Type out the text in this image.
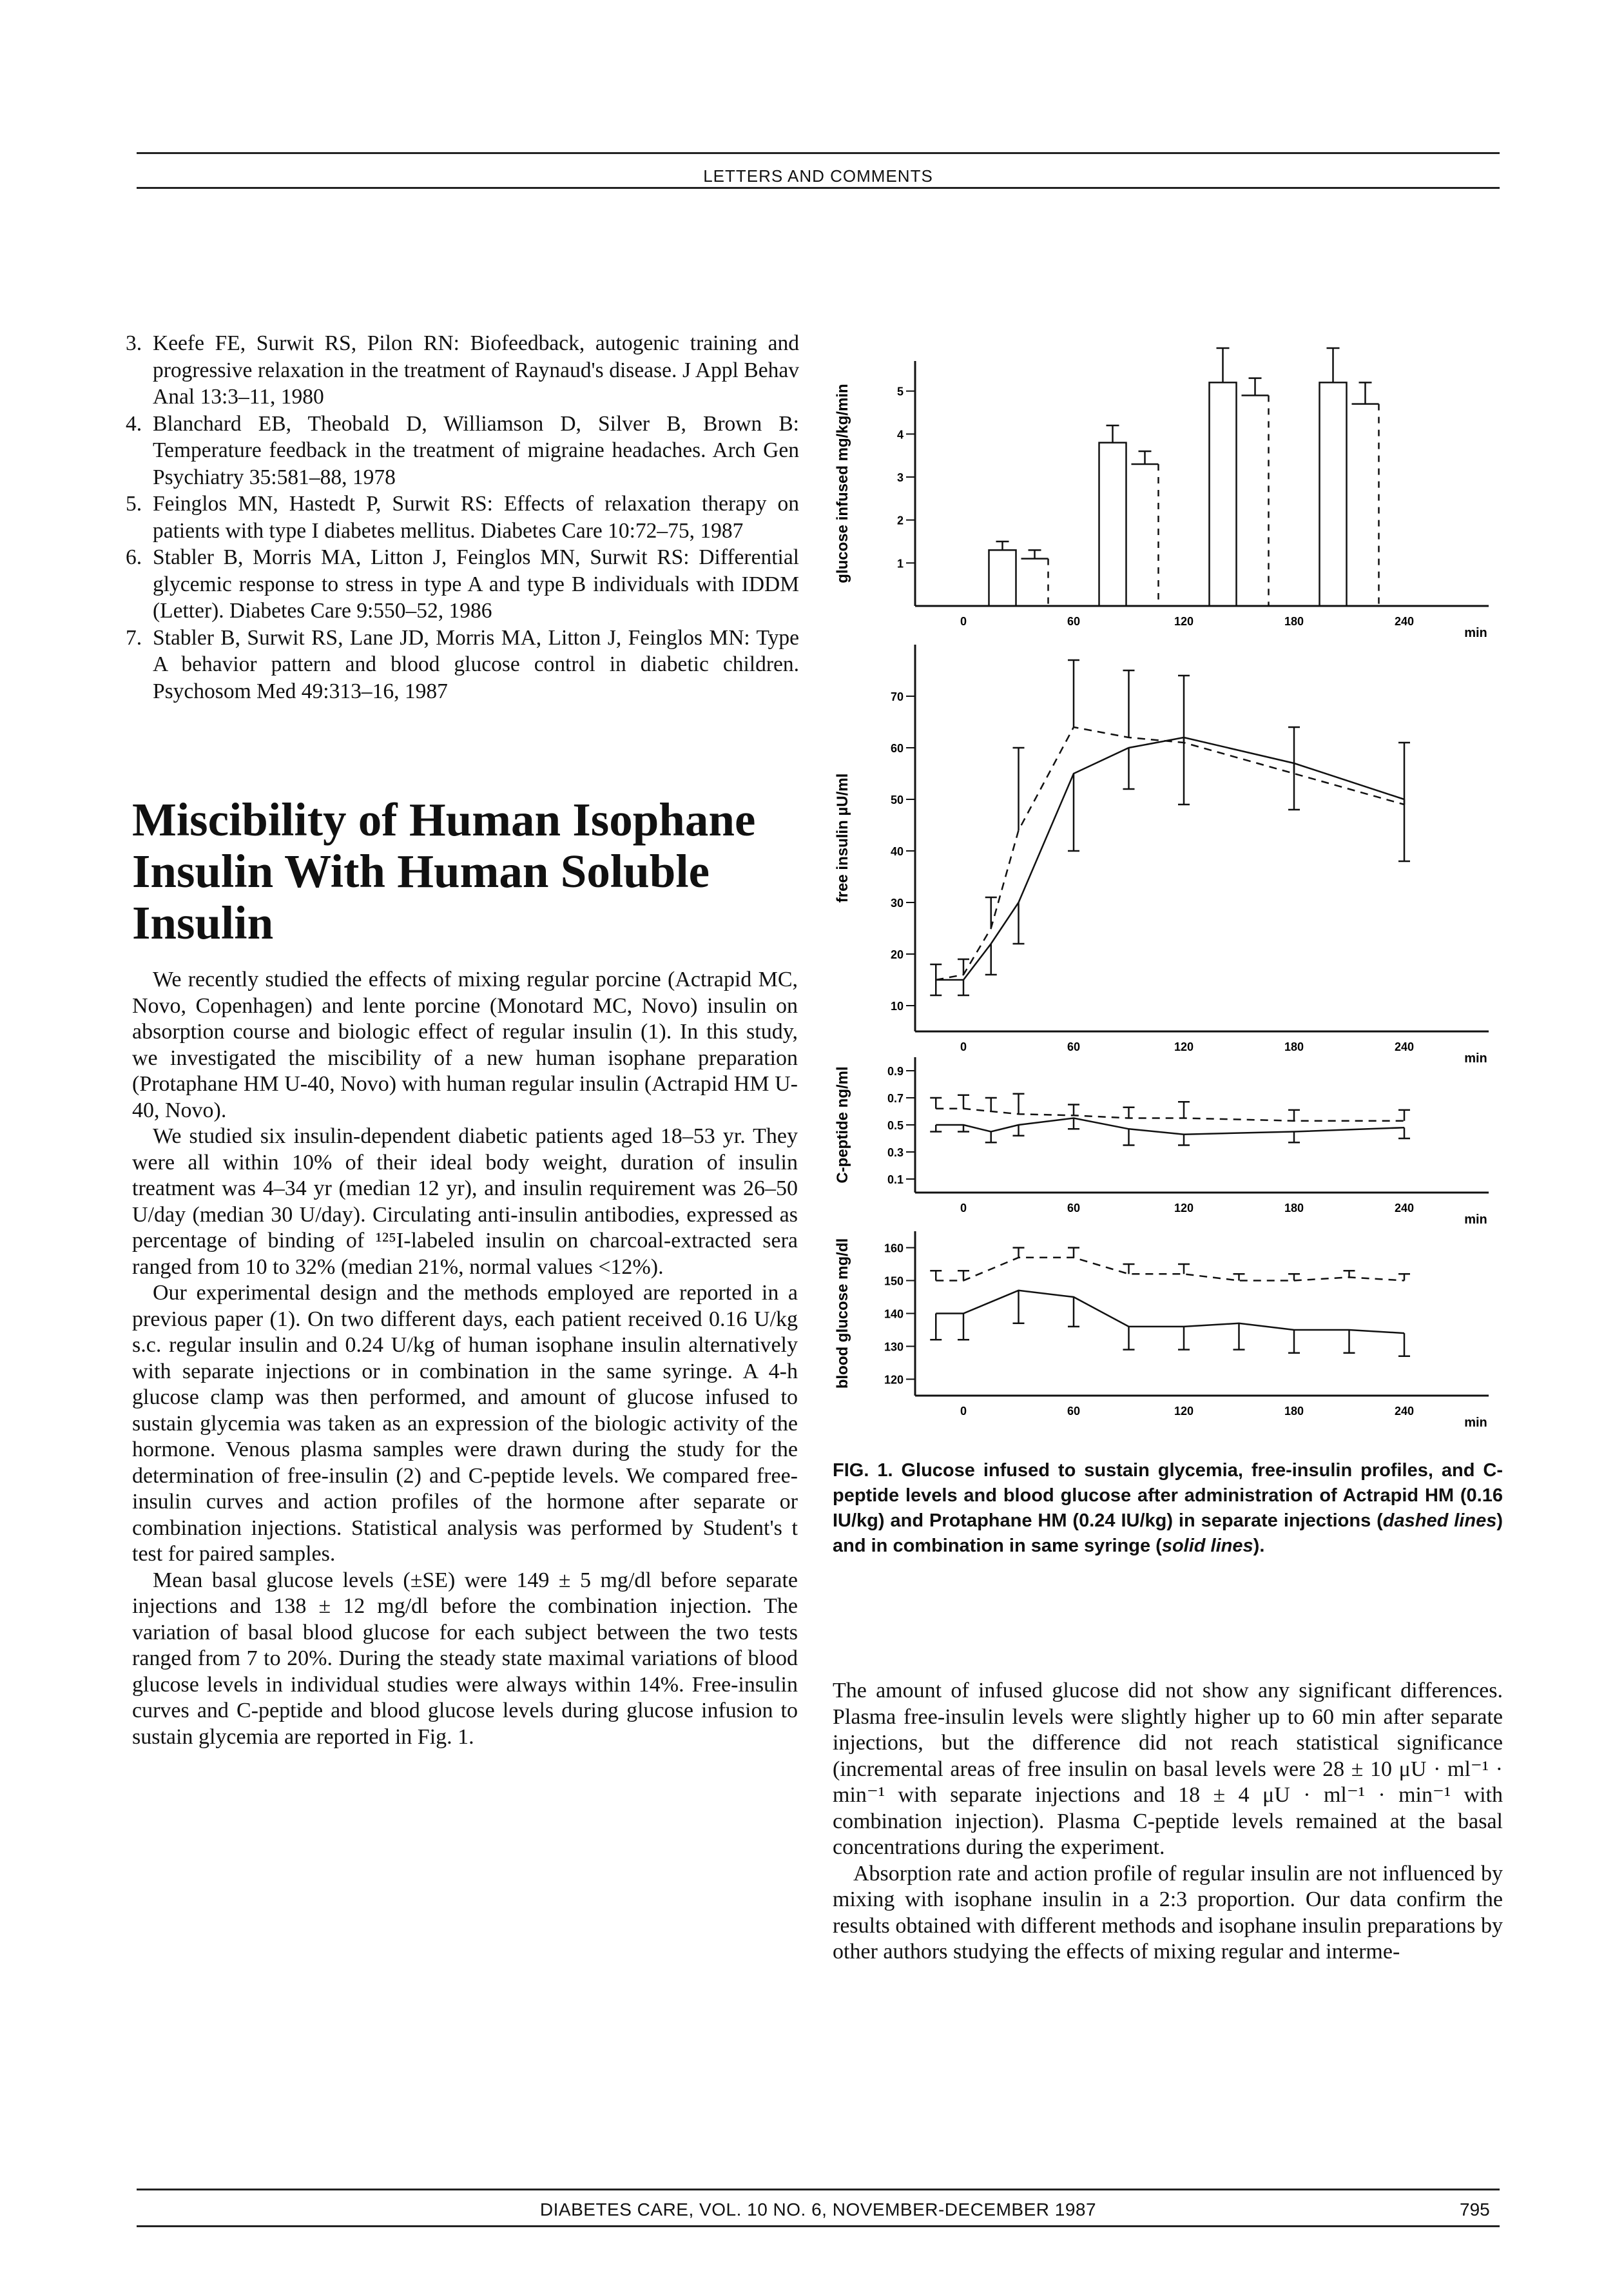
LETTERS AND COMMENTS
3. Keefe FE, Surwit RS, Pilon RN: Biofeedback, autogenic training and progressive relaxation in the treatment of Raynaud's disease. J Appl Behav Anal 13:3–11, 1980
4. Blanchard EB, Theobald D, Williamson D, Silver B, Brown B: Temperature feedback in the treatment of migraine headaches. Arch Gen Psychiatry 35:581–88, 1978
5. Feinglos MN, Hastedt P, Surwit RS: Effects of relaxation therapy on patients with type I diabetes mellitus. Diabetes Care 10:72–75, 1987
6. Stabler B, Morris MA, Litton J, Feinglos MN, Surwit RS: Differential glycemic response to stress in type A and type B individuals with IDDM (Letter). Diabetes Care 9:550–52, 1986
7. Stabler B, Surwit RS, Lane JD, Morris MA, Litton J, Feinglos MN: Type A behavior pattern and blood glucose control in diabetic children. Psychosom Med 49:313–16, 1987
Miscibility of Human Isophane Insulin With Human Soluble Insulin

We recently studied the effects of mixing regular porcine (Actrapid MC, Novo, Copenhagen) and lente porcine (Monotard MC, Novo) insulin on absorption course and biologic effect of regular insulin (1). In this study, we investigated the miscibility of a new human isophane preparation (Protaphane HM U-40, Novo) with human regular insulin (Actrapid HM U-40, Novo).

We studied six insulin-dependent diabetic patients aged 18–53 yr. They were all within 10% of their ideal body weight, duration of insulin treatment was 4–34 yr (median 12 yr), and insulin requirement was 26–50 U/day (median 30 U/day). Circulating anti-insulin antibodies, expressed as percentage of binding of ¹²⁵I-labeled insulin on charcoal-extracted sera ranged from 10 to 32% (median 21%, normal values <12%).

Our experimental design and the methods employed are reported in a previous paper (1). On two different days, each patient received 0.16 U/kg s.c. regular insulin and 0.24 U/kg of human isophane insulin alternatively with separate injections or in combination in the same syringe. A 4-h glucose clamp was then performed, and amount of glucose infused to sustain glycemia was taken as an expression of the biologic activity of the hormone. Venous plasma samples were drawn during the study for the determination of free-insulin (2) and C-peptide levels. We compared free-insulin curves and action profiles of the hormone after separate or combination injections. Statistical analysis was performed by Student's t test for paired samples.

Mean basal glucose levels (±SE) were 149 ± 5 mg/dl before separate injections and 138 ± 12 mg/dl before the combination injection. The variation of basal blood glucose for each subject between the two tests ranged from 7 to 20%. During the steady state maximal variations of blood glucose levels in individual studies were always within 14%. Free-insulin curves and C-peptide and blood glucose levels during glucose infusion to sustain glycemia are reported in Fig. 1.

glucose infused mg/kg/min	1
2
3
4
5
0	60	120	180	240
min
free insulin µU/ml
10
20
30
40
50
60
70
0	60	120	180	240
min
C-peptide ng/ml	0.1
0.3
0.5
0.7
0.9
0	60	120	180	240
min
blood glucose mg/dl	120
130
140
150
160
0	60	120	180	240
min
FIG. 1. Glucose infused to sustain glycemia, free-insulin profiles, and C-peptide levels and blood glucose after administration of Actrapid HM (0.16 IU/kg) and Protaphane HM (0.24 IU/kg) in separate injections (dashed lines) and in combination in same syringe (solid lines).

The amount of infused glucose did not show any significant differences. Plasma free-insulin levels were slightly higher up to 60 min after separate injections, but the difference did not reach statistical significance (incremental areas of free insulin on basal levels were 28 ± 10 μU · ml⁻¹ · min⁻¹ with separate injections and 18 ± 4 μU · ml⁻¹ · min⁻¹ with combination injection). Plasma C-peptide levels remained at the basal concentrations during the experiment.

Absorption rate and action profile of regular insulin are not influenced by mixing with isophane insulin in a 2:3 proportion. Our data confirm the results obtained with different methods and isophane insulin preparations by other authors studying the effects of mixing regular and interme-

DIABETES CARE, VOL. 10 NO. 6, NOVEMBER-DECEMBER 1987	795
